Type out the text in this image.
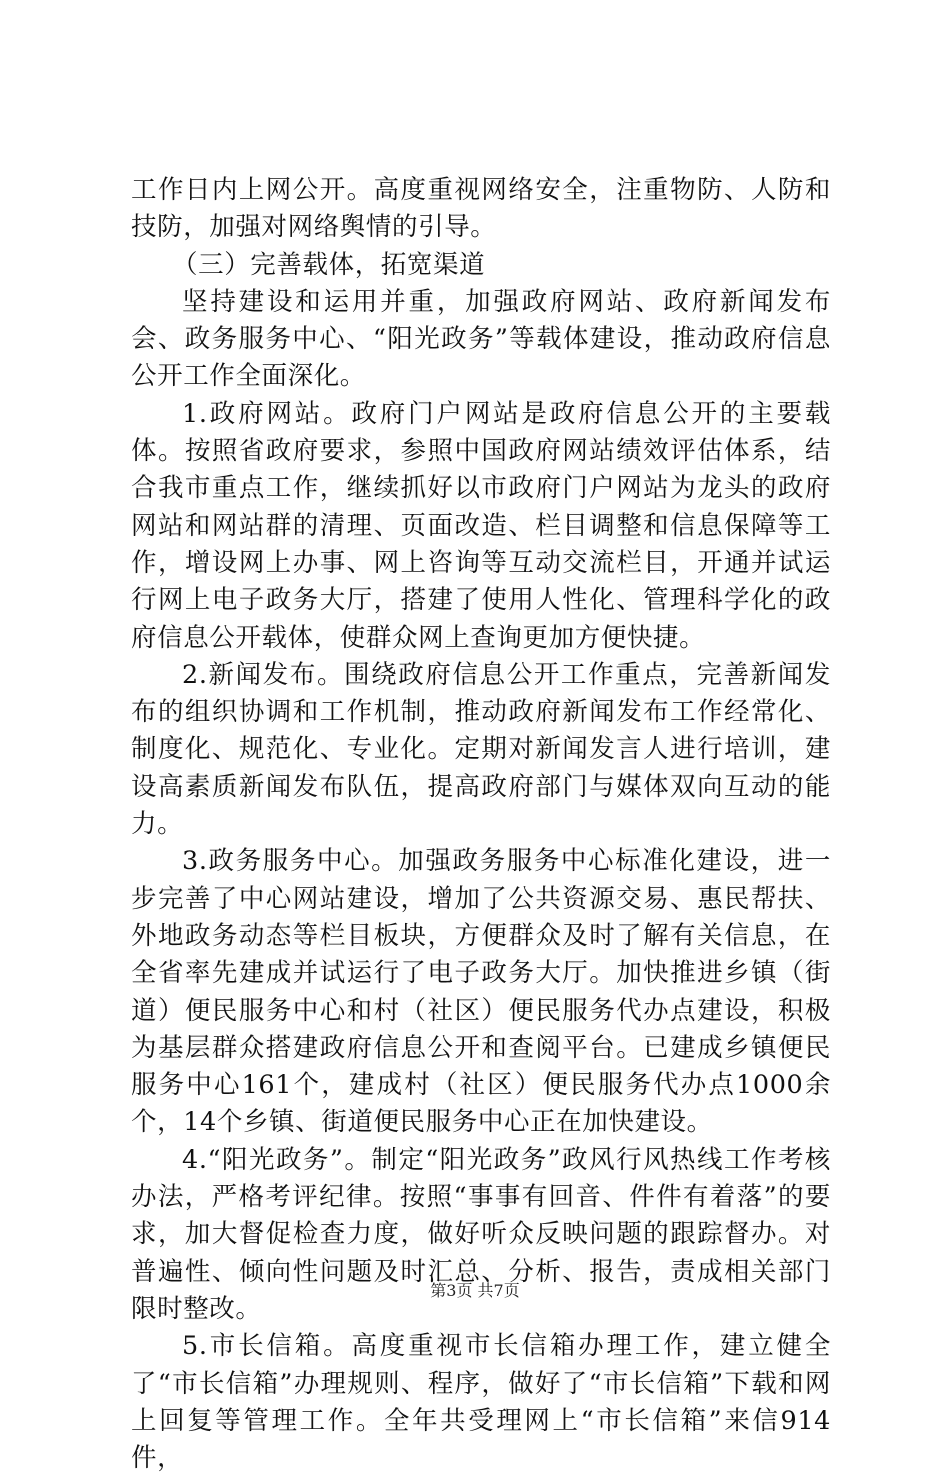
工作日内上网公开。高度重视网络安全，注重物防、人防和技防，加强对网络舆情的引导。

（三）完善载体，拓宽渠道

坚持建设和运用并重，加强政府网站、政府新闻发布会、政务服务中心、“阳光政务”等载体建设，推动政府信息公开工作全面深化。

1.政府网站。政府门户网站是政府信息公开的主要载体。按照省政府要求，参照中国政府网站绩效评估体系，结合我市重点工作，继续抓好以市政府门户网站为龙头的政府网站和网站群的清理、页面改造、栏目调整和信息保障等工作，增设网上办事、网上咨询等互动交流栏目，开通并试运行网上电子政务大厅，搭建了使用人性化、管理科学化的政府信息公开载体，使群众网上查询更加方便快捷。

2.新闻发布。围绕政府信息公开工作重点，完善新闻发布的组织协调和工作机制，推动政府新闻发布工作经常化、制度化、规范化、专业化。定期对新闻发言人进行培训，建设高素质新闻发布队伍，提高政府部门与媒体双向互动的能力。

3.政务服务中心。加强政务服务中心标准化建设，进一步完善了中心网站建设，增加了公共资源交易、惠民帮扶、外地政务动态等栏目板块，方便群众及时了解有关信息，在全省率先建成并试运行了电子政务大厅。加快推进乡镇（街道）便民服务中心和村（社区）便民服务代办点建设，积极为基层群众搭建政府信息公开和查阅平台。已建成乡镇便民服务中心161个，建成村（社区）便民服务代办点1000余个，14个乡镇、街道便民服务中心正在加快建设。

4.“阳光政务”。制定“阳光政务”政风行风热线工作考核办法，严格考评纪律。按照“事事有回音、件件有着落”的要求，加大督促检查力度，做好听众反映问题的跟踪督办。对普遍性、倾向性问题及时汇总、分析、报告，责成相关部门限时整改。

5.市长信箱。高度重视市长信箱办理工作，建立健全了“市长信箱”办理规则、程序，做好了“市长信箱”下载和网上回复等管理工作。全年共受理网上“市长信箱”来信914件，

第3页 共7页
